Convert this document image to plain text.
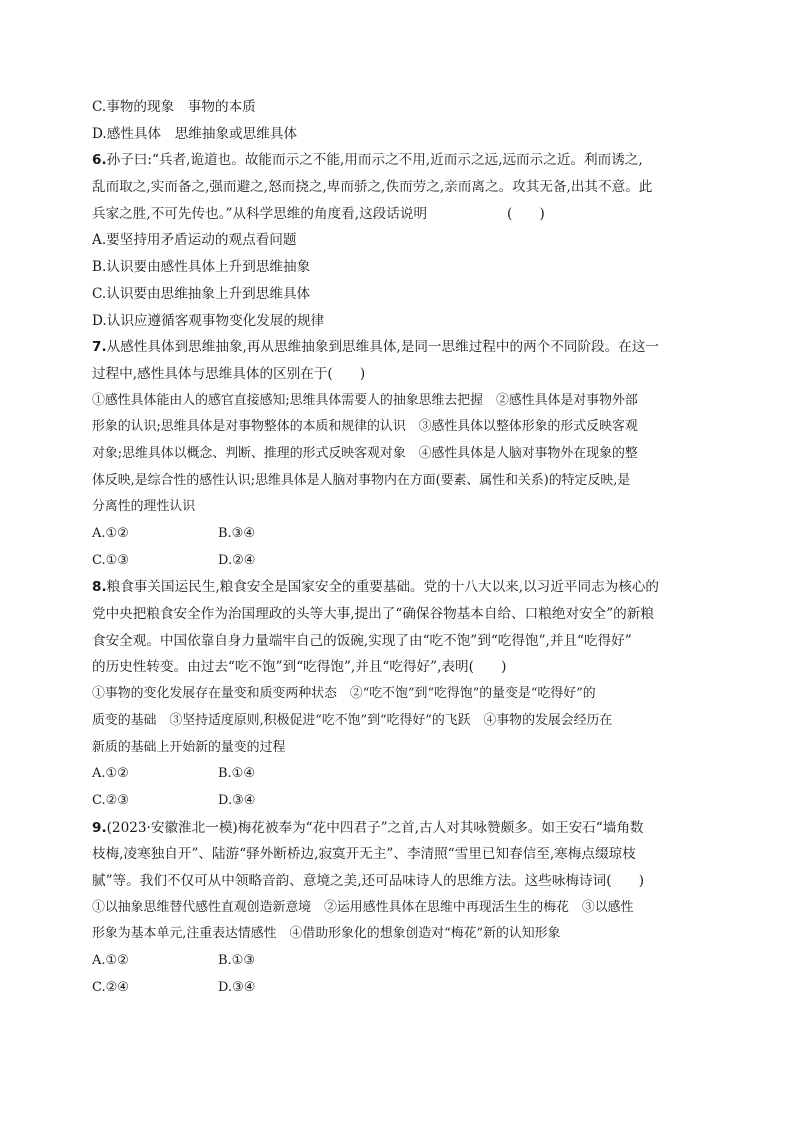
C.事物的现象　事物的本质
D.感性具体　思维抽象或思维具体
6.孙子曰:“兵者,诡道也。故能而示之不能,用而示之不用,近而示之远,远而示之近。利而诱之,
乱而取之,实而备之,强而避之,怒而挠之,卑而骄之,佚而劳之,亲而离之。攻其无备,出其不意。此
兵家之胜,不可先传也。”从科学思维的角度看,这段话说明	(　　)
A.要坚持用矛盾运动的观点看问题
B.认识要由感性具体上升到思维抽象
C.认识要由思维抽象上升到思维具体
D.认识应遵循客观事物变化发展的规律
7.从感性具体到思维抽象,再从思维抽象到思维具体,是同一思维过程中的两个不同阶段。在这一
过程中,感性具体与思维具体的区别在于(　　)
①感性具体能由人的感官直接感知;思维具体需要人的抽象思维去把握　②感性具体是对事物外部
形象的认识;思维具体是对事物整体的本质和规律的认识　③感性具体以整体形象的形式反映客观
对象;思维具体以概念、判断、推理的形式反映客观对象　④感性具体是人脑对事物外在现象的整
体反映,是综合性的感性认识;思维具体是人脑对事物内在方面(要素、属性和关系)的特定反映,是
分离性的理性认识
A.①②	B.③④
C.①③	D.②④
8.粮食事关国运民生,粮食安全是国家安全的重要基础。党的十八大以来,以习近平同志为核心的
党中央把粮食安全作为治国理政的头等大事,提出了“确保谷物基本自给、口粮绝对安全”的新粮
食安全观。中国依靠自身力量端牢自己的饭碗,实现了由“吃不饱”到“吃得饱”,并且“吃得好”
的历史性转变。由过去“吃不饱”到“吃得饱”,并且“吃得好”,表明(　　)
①事物的变化发展存在量变和质变两种状态　②“吃不饱”到“吃得饱”的量变是“吃得好”的
质变的基础　③坚持适度原则,积极促进“吃不饱”到“吃得好”的飞跃　④事物的发展会经历在
新质的基础上开始新的量变的过程
A.①②	B.①④
C.②③	D.③④
9.(2023·安徽淮北一模)梅花被奉为“花中四君子”之首,古人对其咏赞颇多。如王安石“墙角数
枝梅,凌寒独自开”、陆游“驿外断桥边,寂寞开无主”、李清照“雪里已知春信至,寒梅点缀琼枝
腻”等。我们不仅可从中领略音韵、意境之美,还可品味诗人的思维方法。这些咏梅诗词(　　)
①以抽象思维替代感性直观创造新意境　②运用感性具体在思维中再现活生生的梅花　③以感性
形象为基本单元,注重表达情感性　④借助形象化的想象创造对“梅花”新的认知形象
A.①②	B.①③
C.②④	D.③④
